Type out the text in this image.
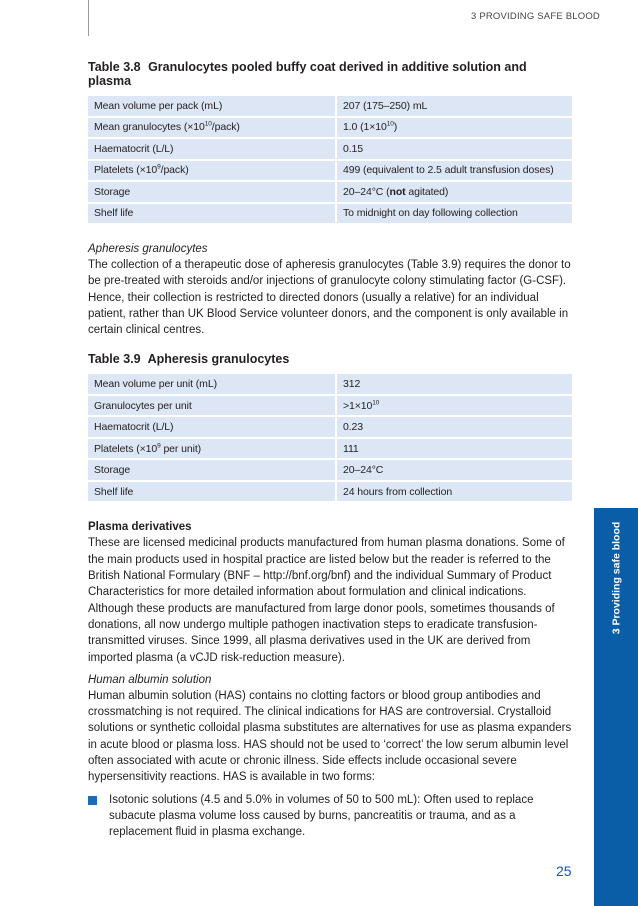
3 PROVIDING SAFE BLOOD
3 Providing safe blood
Table 3.8 Granulocytes pooled buffy coat derived in additive solution and plasma
Mean volume per pack (mL)	207 (175–250) mL
Mean granulocytes $(\times 10^{10}/pack)$	1.0 $(1\times 10^{10})$
Haematocrit (L/L)	0.15
Platelets $(\times 10^9/pack)$	499 (equivalent to 2.5 adult transfusion doses)
Storage	20–24°C (not agitated)
Shelf life	To midnight on day following collection

Apheresis granulocytes

The collection of a therapeutic dose of apheresis granulocytes (Table 3.9) requires the donor to be pre-treated with steroids and/or injections of granulocyte colony stimulating factor (G-CSF). Hence, their collection is restricted to directed donors (usually a relative) for an individual patient, rather than UK Blood Service volunteer donors, and the component is only available in certain clinical centres.

Table 3.9 Apheresis granulocytes
Mean volume per unit (mL)	312
Granulocytes per unit	$>1\times 10^{10}$
Haematocrit (L/L)	0.23
Platelets ($\times 10^9$ per unit)	111
Storage	20–24°C
Shelf life	24 hours from collection

Plasma derivatives

These are licensed medicinal products manufactured from human plasma donations. Some of the main products used in hospital practice are listed below but the reader is referred to the British National Formulary (BNF – http://bnf.org/bnf) and the individual Summary of Product Characteristics for more detailed information about formulation and clinical indications. Although these products are manufactured from large donor pools, sometimes thousands of donations, all now undergo multiple pathogen inactivation steps to eradicate transfusion-transmitted viruses. Since 1999, all plasma derivatives used in the UK are derived from imported plasma (a vCJD risk-reduction measure).

Human albumin solution

Human albumin solution (HAS) contains no clotting factors or blood group antibodies and crossmatching is not required. The clinical indications for HAS are controversial. Crystalloid solutions or synthetic colloidal plasma substitutes are alternatives for use as plasma expanders in acute blood or plasma loss. HAS should not be used to ‘correct’ the low serum albumin level often associated with acute or chronic illness. Side effects include occasional severe hypersensitivity reactions. HAS is available in two forms:

Isotonic solutions (4.5 and 5.0% in volumes of 50 to 500 mL): Often used to replace subacute plasma volume loss caused by burns, pancreatitis or trauma, and as a replacement fluid in plasma exchange.
25
